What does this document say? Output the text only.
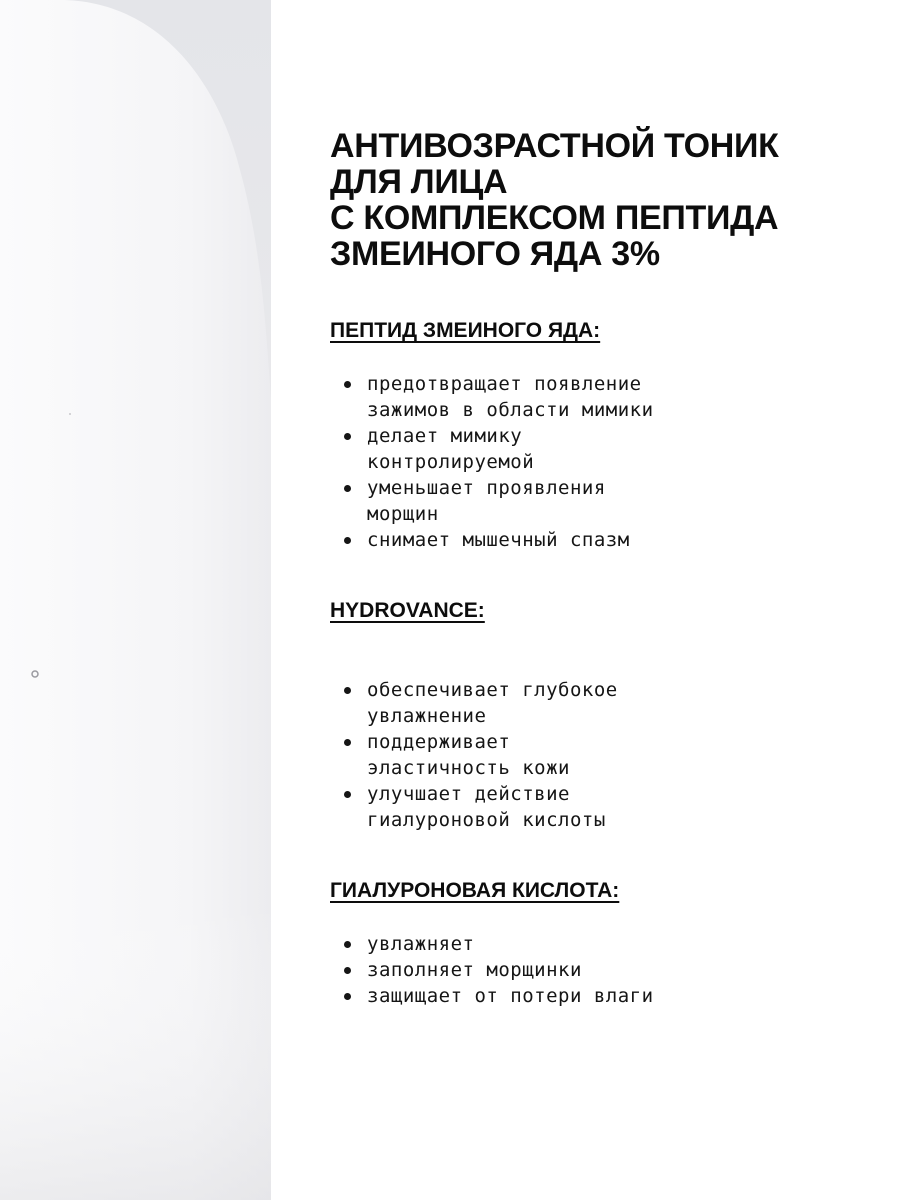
АНТИВОЗРАСТНОЙ ТОНИК
ДЛЯ ЛИЦА
С КОМПЛЕКСОМ ПЕПТИДА
ЗМЕИНОГО ЯДА 3%
ПЕПТИД ЗМЕИНОГО ЯДА:
предотвращает появление
зажимов в области мимики
делает мимику
контролируемой
уменьшает проявления
морщин
снимает мышечный спазм
HYDROVANCE:
обеспечивает глубокое
увлажнение
поддерживает
эластичность кожи
улучшает действие
гиалуроновой кислоты
ГИАЛУРОНОВАЯ КИСЛОТА:
увлажняет
заполняет морщинки
защищает от потери влаги
